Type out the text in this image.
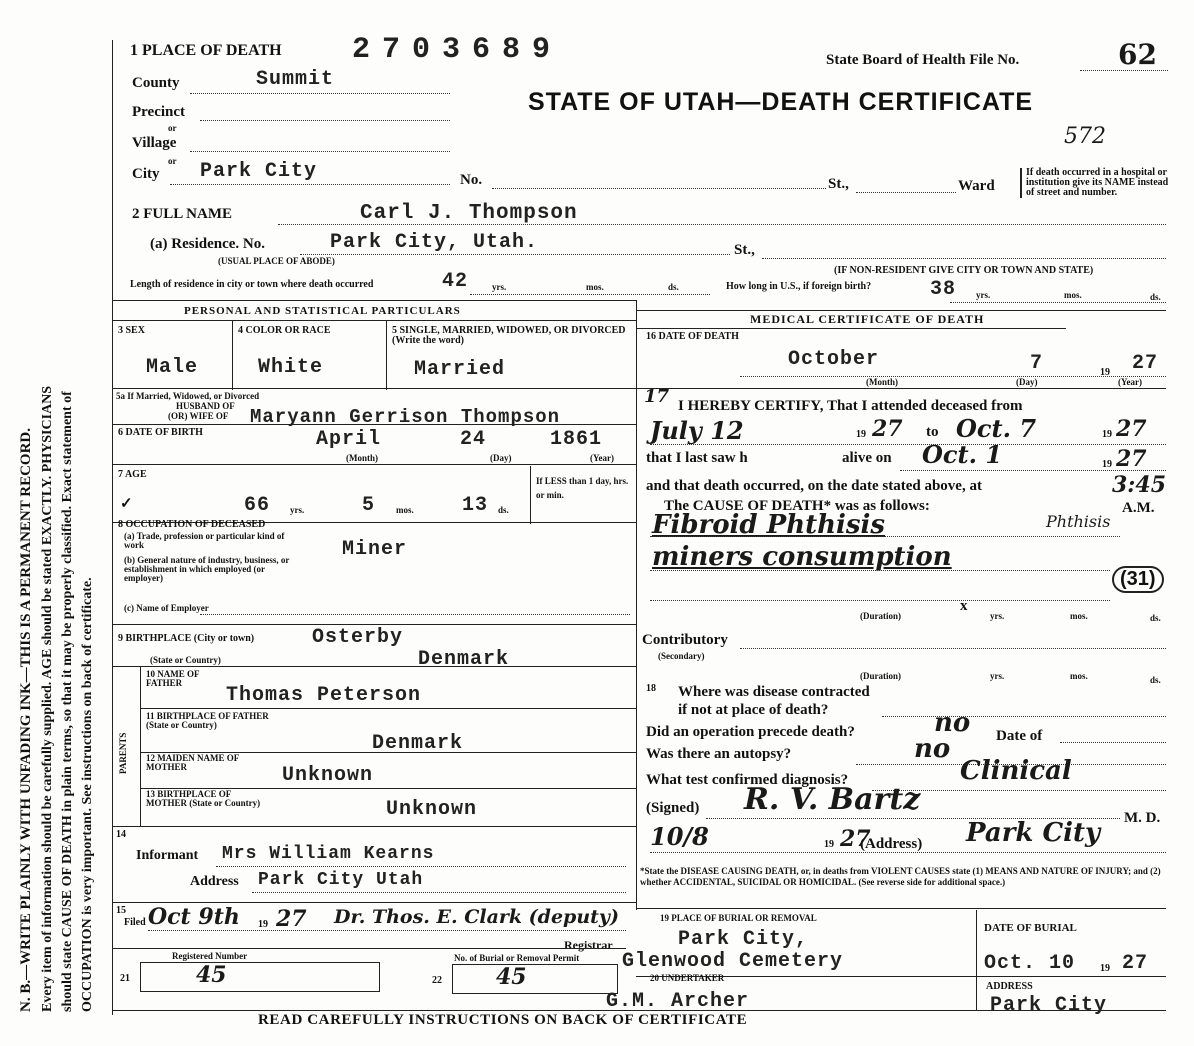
N. B.—WRITE PLAINLY WITH UNFADING INK—THIS IS A PERMANENT RECORD. Every item of information should be carefully supplied. AGE should be stated EXACTLY. PHYSICIANS should state CAUSE OF DEATH in plain terms, so that it may be properly classified. Exact statement of OCCUPATION is very important. See instructions on back of certificate.
1 PLACE OF DEATH 2703689	State Board of Health File No.	62
STATE OF UTAH—DEATH CERTIFICATE
572
County	Summit
Precinct
or
Village
or
City Park City	No.	St.,	Ward
If death occurred in a hospital or institution give its NAME instead of street and number.
2 FULL NAME	Carl J. Thompson
(a) Residence. No.	Park City, Utah.
(USUAL PLACE OF ABODE)
St.,
(IF NON-RESIDENT GIVE CITY OR TOWN AND STATE)
Length of residence in city or town where death occurred	42	yrs.	mos.	ds.	How long in U.S., if foreign birth?	38 yrs.	mos.	ds.
PERSONAL AND STATISTICAL PARTICULARS
MEDICAL CERTIFICATE OF DEATH
3 SEX	4 COLOR OR RACE	5 SINGLE, MARRIED, WIDOWED, OR DIVORCED (Write the word)
Male	White	Married
5a If Married, Widowed, or Divorced
HUSBAND OF
(OR) WIFE OF Maryann Gerrison Thompson
6 DATE OF BIRTH	April	24	1861
(Month)	(Day)	(Year)
7 AGE
✓	66 yrs.	5 mos. 13 ds.
If LESS than 1 day, hrs. or min.
8 OCCUPATION OF DECEASED
(a) Trade, profession or particular kind of work	Miner
(b) General nature of industry, business, or establishment in which employed (or employer)
(c) Name of Employer
9 BIRTHPLACE (City or town)	Osterby
(State or Country)	Denmark
PARENTS
10 NAME OF FATHER
Thomas Peterson
11 BIRTHPLACE OF FATHER (State or Country)
Denmark
12 MAIDEN NAME OF MOTHER	Unknown
13 BIRTHPLACE OF MOTHER (State or Country)	Unknown
14
Informant Mrs William Kearns
Address Park City Utah
15
Filed Oct 9th 19 27 Dr. Thos. E. Clark (deputy)
Registrar
Registered Number
21	45
No. of Burial or Removal Permit
22 45
16 DATE OF DEATH
October	7	19 27
(Month)	(Day)	(Year)
17 I HEREBY CERTIFY, That I attended deceased from
July 12	19 27 to Oct. 7	19 27
that I last saw h	alive on Oct. 1	19 27
and that death occurred, on the date stated above, at	3:45
A.M.
The CAUSE OF DEATH* was as follows:
Fibroid Phthisis	Phthisis
miners consumption
(31)
(Duration)
x
yrs.	mos.	ds.
Contributory
(Secondary)
(Duration)	yrs.	mos.	ds.
18 Where was disease contracted
if not at place of death?
Did an operation precede death?	no Date of
Was there an autopsy?	no
What test confirmed diagnosis?	Clinical
(Signed) R. V. Bartz
M. D.
10/8	19 27
(Address) Park City
*State the DISEASE CAUSING DEATH, or, in deaths from VIOLENT CAUSES state (1) MEANS AND NATURE OF INJURY; and (2) whether ACCIDENTAL, SUICIDAL OR HOMICIDAL. (See reverse side for additional space.)
19 PLACE OF BURIAL OR REMOVAL
Park City,
Glenwood Cemetery
DATE OF BURIAL
Oct. 10 19 27
20 UNDERTAKER
G.M. Archer
ADDRESS
Park City
READ CAREFULLY INSTRUCTIONS ON BACK OF CERTIFICATE
